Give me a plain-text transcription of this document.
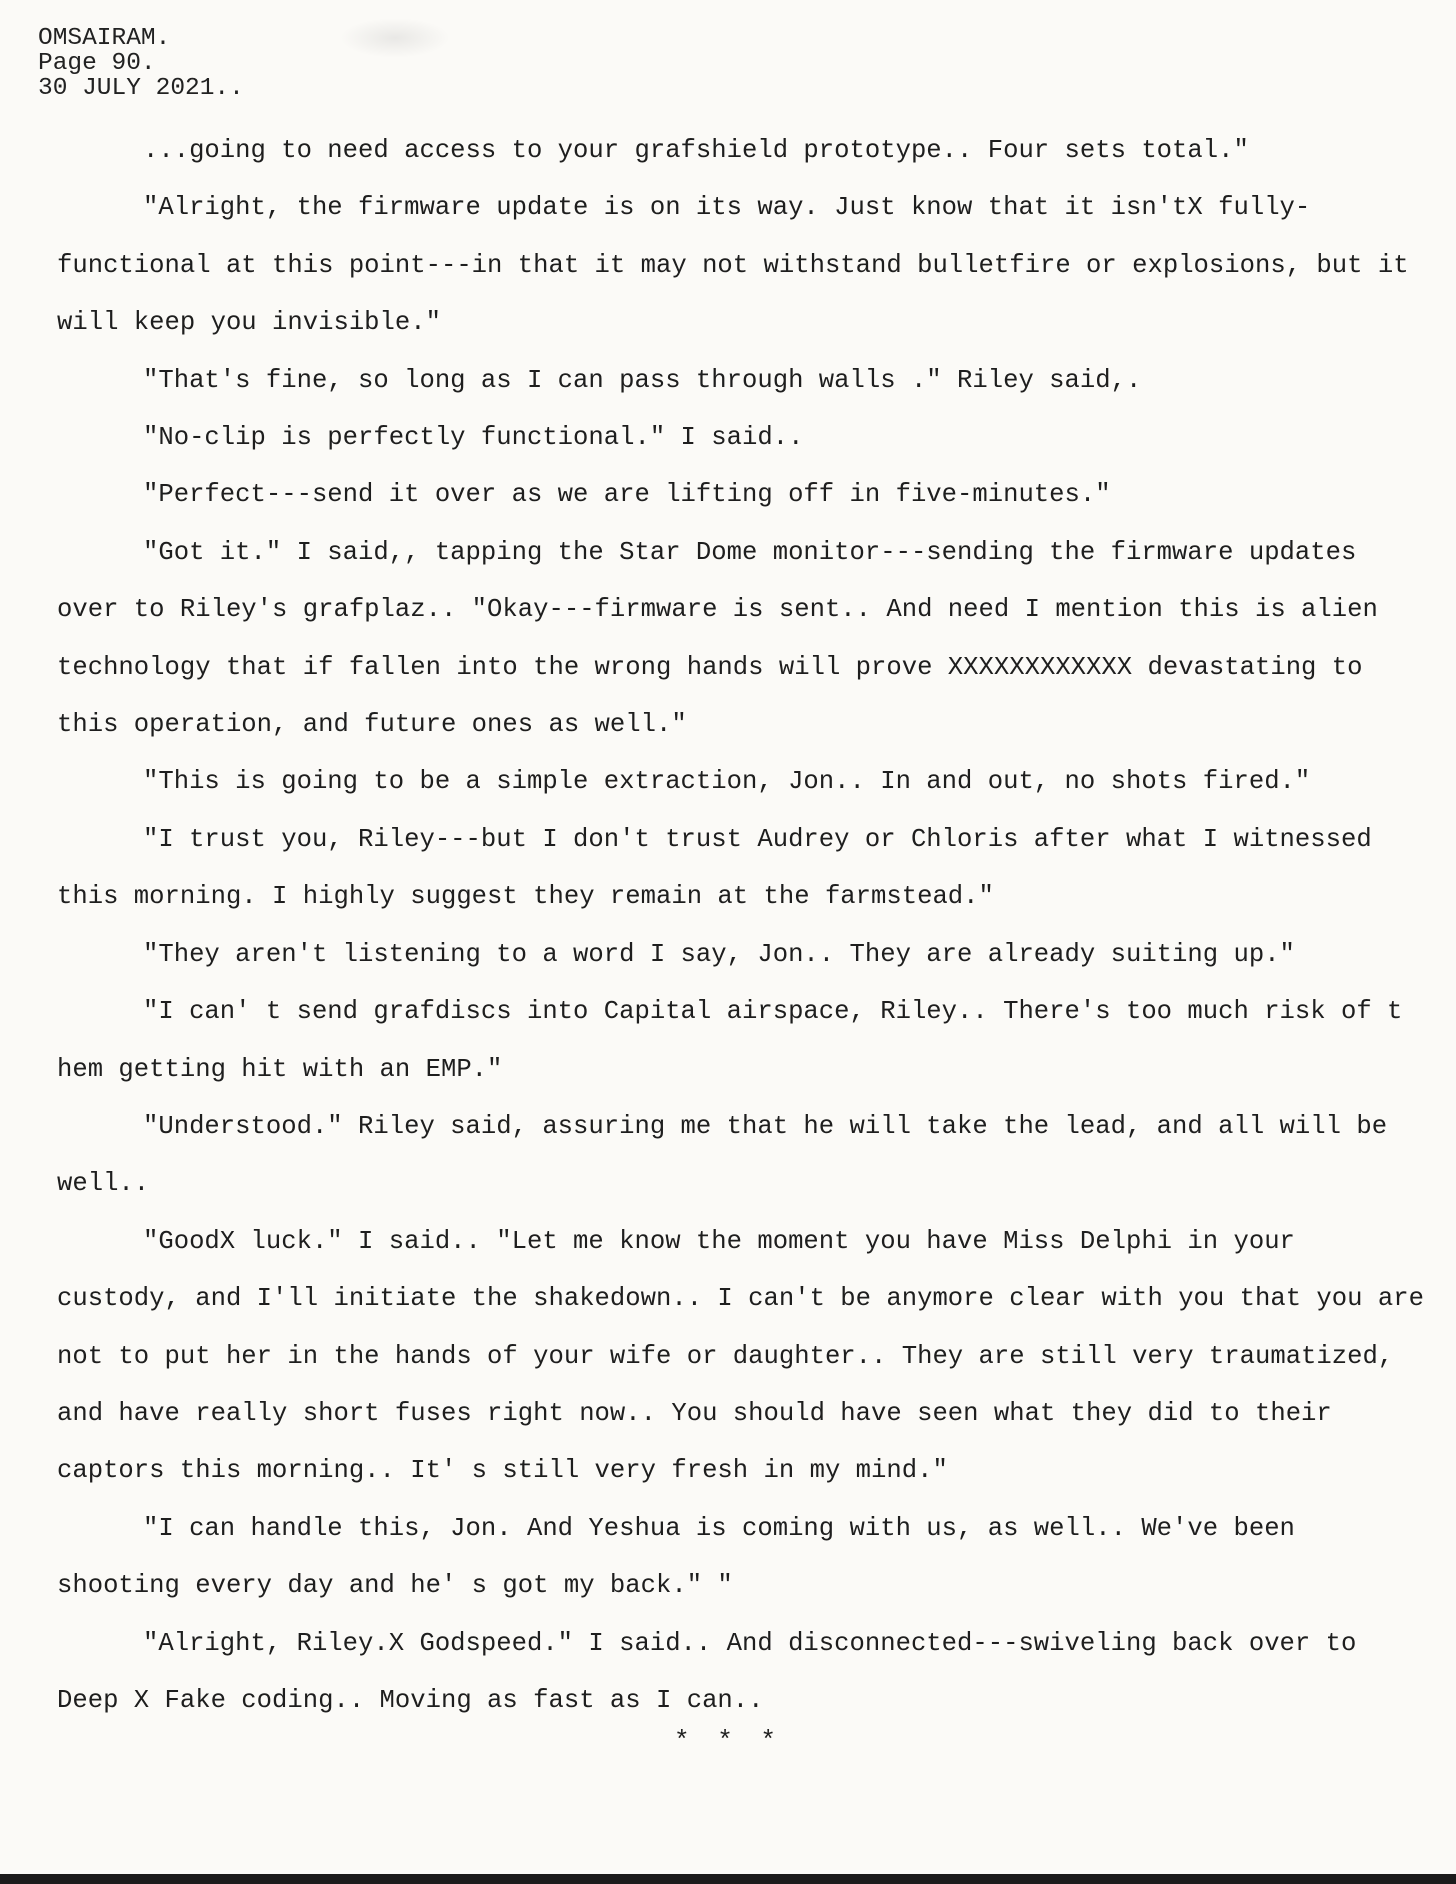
OMSAIRAM.
Page 90.
30 JULY 2021..

...going to need access to your grafshield prototype.. Four sets total."

"Alright, the firmware update is on its way. Just know that it isn'tX fully-functional at this point---in that it may not withstand bulletfire or explosions, but it will keep you invisible."

"That's fine, so long as I can pass through walls ." Riley said,.

"No-clip is perfectly functional." I said..

"Perfect---send it over as we are lifting off in five-minutes."

"Got it." I said,, tapping the Star Dome monitor---sending the firmware updates over to Riley's grafplaz.. "Okay---firmware is sent.. And need I mention this is alien technology that if fallen into the wrong hands will prove XXXXXXXXXXXX devastating to this operation, and future ones as well."

"This is going to be a simple extraction, Jon.. In and out, no shots fired."

"I trust you, Riley---but I don't trust Audrey or Chloris after what I witnessed this morning. I highly suggest they remain at the farmstead."

"They aren't listening to a word I say, Jon.. They are already suiting up."

"I can' t send grafdiscs into Capital airspace, Riley.. There's too much risk of t hem getting hit with an EMP."

"Understood." Riley said, assuring me that he will take the lead, and all will be well..

"GoodX luck." I said.. "Let me know the moment you have Miss Delphi in your custody, and I'll initiate the shakedown.. I can't be anymore clear with you that you are not to put her in the hands of your wife or daughter.. They are still very traumatized, and have really short fuses right now.. You should have seen what they did to their captors this morning.. It' s still very fresh in my mind."

"I can handle this, Jon. And Yeshua is coming with us, as well.. We've been shooting every day and he' s got my back." "

"Alright, Riley.X Godspeed." I said.. And disconnected---swiveling back over to Deep X Fake coding.. Moving as fast as I can..

* * *
